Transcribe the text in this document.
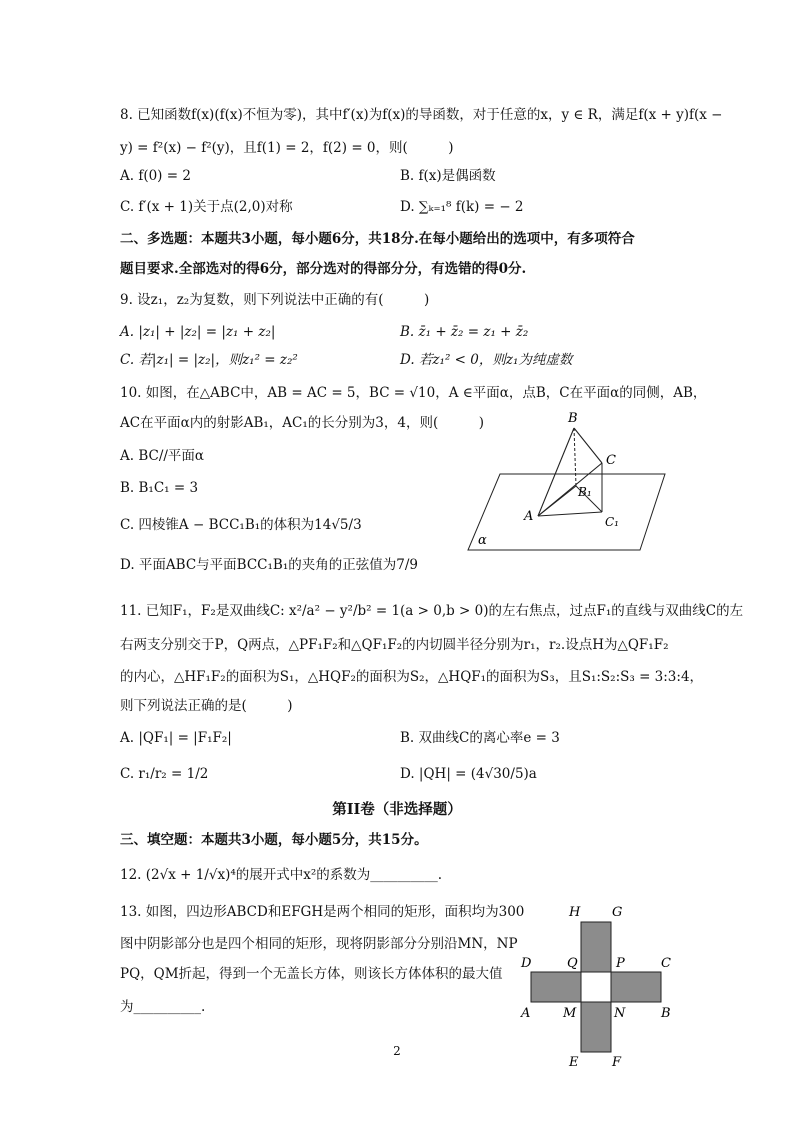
8. 已知函数f(x)(f(x)不恒为零)，其中f′(x)为f(x)的导函数，对于任意的x，y ∈ R，满足f(x + y)f(x −
y) = f²(x) − f²(y)，且f(1) = 2，f(2) = 0，则(　　　)
A. f(0) = 2	B. f(x)是偶函数
C. f′(x + 1)关于点(2,0)对称	D. ∑ₖ₌₁⁸ f(k) = − 2
二、多选题：本题共3小题，每小题6分，共18分.在每小题给出的选项中，有多项符合
题目要求.全部选对的得6分，部分选对的得部分分，有选错的得0分.
9. 设z₁，z₂为复数，则下列说法中正确的有(　　　)
A. |z₁| + |z₂| = |z₁ + z₂|	B. z̄₁ + z̄₂ = z₁ + z̄₂
C. 若|z₁| = |z₂|，则z₁² = z₂²	D. 若z₁² < 0，则z₁为纯虚数
10. 如图，在△ABC中，AB = AC = 5，BC = √10，A ∈平面α，点B，C在平面α的同侧，AB，
AC在平面α内的射影AB₁，AC₁的长分别为3，4，则(　　　)
A. BC//平面α
B. B₁C₁ = 3
C. 四棱锥A − BCC₁B₁的体积为14√5/3
D. 平面ABC与平面BCC₁B₁的夹角的正弦值为7/9
B
C
A
B₁
C₁
α
11. 已知F₁，F₂是双曲线C: x²/a² − y²/b² = 1(a > 0,b > 0)的左右焦点，过点F₁的直线与双曲线C的左
右两支分别交于P，Q两点，△PF₁F₂和△QF₁F₂的内切圆半径分别为r₁，r₂.设点H为△QF₁F₂
的内心，△HF₁F₂的面积为S₁，△HQF₂的面积为S₂，△HQF₁的面积为S₃，且S₁:S₂:S₃ = 3:3:4，
则下列说法正确的是(　　　)
A. |QF₁| = |F₁F₂|	B. 双曲线C的离心率e = 3
C. r₁/r₂ = 1/2	D. |QH| = (4√30/5)a
第II卷（非选择题）
三、填空题：本题共3小题，每小题5分，共15分。
12. (2√x + 1/√x)⁴的展开式中x²的系数为__________.
13. 如图，四边形ABCD和EFGH是两个相同的矩形，面积均为300
图中阴影部分也是四个相同的矩形，现将阴影部分分别沿MN，NP
PQ，QM折起，得到一个无盖长方体，则该长方体体积的最大值
为__________.
H G
D	Q	P	C
A	M	N	B
E	F
2
